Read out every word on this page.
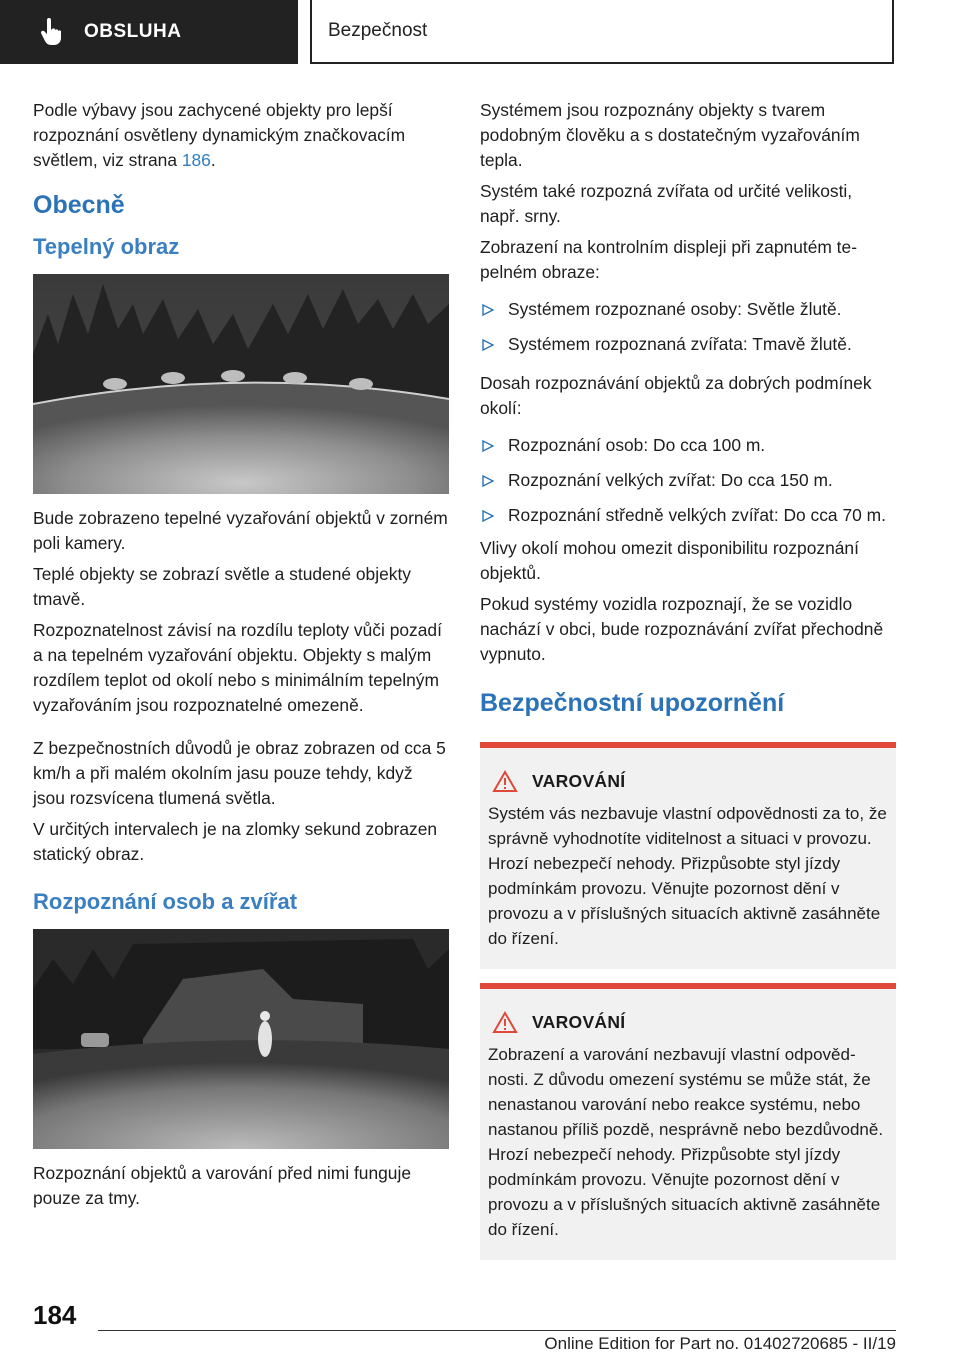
OBSLUHA	Bezpečnost

Podle výbavy jsou zachycené objekty pro lepší rozpoznání osvětleny dynamickým značkovacím světlem, viz strana 186.

Obecně
Tepelný obraz

Bude zobrazeno tepelné vyzařování objektů v zorném poli kamery.

Teplé objekty se zobrazí světle a studené objekty tmavě.

Rozpoznatelnost závisí na rozdílu teploty vůči pozadí a na tepelném vyzařování objektu. Objekty s malým rozdílem teplot od okolí nebo s minimálním tepelným vyzařováním jsou rozpoznatelné omezeně.

Z bezpečnostních důvodů je obraz zobrazen od cca 5 km/h a při malém okolním jasu pouze tehdy, když jsou rozsvícena tlumená světla.

V určitých intervalech je na zlomky sekund zobrazen statický obraz.

Rozpoznání osob a zvířat

Rozpoznání objektů a varování před nimi funguje pouze za tmy.

Systémem jsou rozpoznány objekty s tvarem podobným člověku a s dostatečným vyzařováním tepla.

Systém také rozpozná zvířata od určité velikosti, např. srny.

Zobrazení na kontrolním displeji při zapnutém tepelném obraze:

Systémem rozpoznané osoby: Světle žlutě.
Systémem rozpoznaná zvířata: Tmavě žlutě.

Dosah rozpoznávání objektů za dobrých podmínek okolí:

Rozpoznání osob: Do cca 100 m.
Rozpoznání velkých zvířat: Do cca 150 m.
Rozpoznání středně velkých zvířat: Do cca 70 m.

Vlivy okolí mohou omezit disponibilitu rozpoznání objektů.

Pokud systémy vozidla rozpoznají, že se vozidlo nachází v obci, bude rozpoznávání zvířat přechodně vypnuto.

Bezpečnostní upozornění
VAROVÁNÍ

Systém vás nezbavuje vlastní odpovědnosti za to, že správně vyhodnotíte viditelnost a situaci v provozu. Hrozí nebezpečí nehody. Přizpůsobte styl jízdy podmínkám provozu. Věnujte pozornost dění v provozu a v příslušných situacích aktivně zasáhněte do řízení.

VAROVÁNÍ

Zobrazení a varování nezbavují vlastní odpovědnosti. Z důvodu omezení systému se může stát, že nenastanou varování nebo reakce systému, nebo nastanou příliš pozdě, nesprávně nebo bezdůvodně. Hrozí nebezpečí nehody. Přizpůsobte styl jízdy podmínkám provozu. Věnujte pozornost dění v provozu a v příslušných situacích aktivně zasáhněte do řízení.

184
Online Edition for Part no. 01402720685 - II/19
